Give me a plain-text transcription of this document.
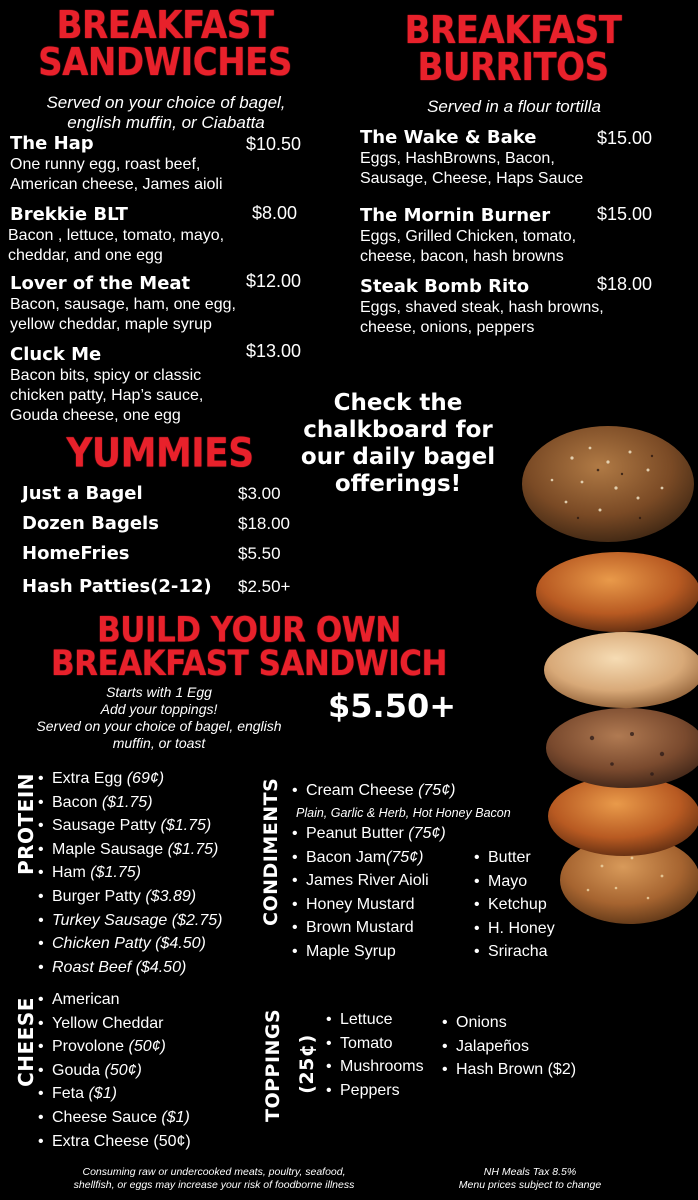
BREAKFAST
SANDWICHES
Served on your choice of bagel,
english muffin, or Ciabatta
The Hap	$10.50
One runny egg, roast beef,
American cheese, James aioli
Brekkie BLT	$8.00
Bacon , lettuce, tomato, mayo,
cheddar, and one egg
Lover of the Meat	$12.00
Bacon, sausage, ham, one egg,
yellow cheddar, maple syrup
Cluck Me	$13.00
Bacon bits, spicy or classic
chicken patty, Hap’s sauce,
Gouda cheese, one egg
BREAKFAST
BURRITOS
Served in a flour tortilla
The Wake & Bake	$15.00
Eggs, HashBrowns, Bacon,
Sausage, Cheese, Haps Sauce
The Mornin Burner	$15.00
Eggs, Grilled Chicken, tomato,
cheese, bacon, hash browns
Steak Bomb Rito	$18.00
Eggs, shaved steak, hash browns,
cheese, onions, peppers
Check the
chalkboard for
our daily bagel
offerings!
YUMMIES
Just a Bagel	$3.00
Dozen Bagels	$18.00
HomeFries	$5.50
Hash Patties(2-12) $2.50+
BUILD YOUR OWN
BREAKFAST SANDWICH
Starts with 1 Egg
Add your toppings!
Served on your choice of bagel, english
muffin, or toast
$5.50+
PROTEIN • Extra Egg (69¢)
• Bacon ($1.75)
• Sausage Patty ($1.75)
• Maple Sausage ($1.75)
• Ham ($1.75)
• Burger Patty ($3.89)
• Turkey Sausage ($2.75)
• Chicken Patty ($4.50)
• Roast Beef ($4.50)
CONDIMENTS	• Cream Cheese (75¢)
Plain, Garlic & Herb, Hot Honey Bacon
• Peanut Butter (75¢)
• Bacon Jam(75¢)
• James River Aioli
• Honey Mustard
• Brown Mustard
• Maple Syrup
• Butter
• Mayo
• Ketchup
• H. Honey
• Sriracha
CHEESE • American
• Yellow Cheddar
• Provolone (50¢)
• Gouda (50¢)
• Feta ($1)
• Cheese Sauce ($1)
• Extra Cheese (50¢)
TOPPINGS (25¢)
• Lettuce
• Tomato
• Mushrooms
• Peppers
• Onions
• Jalapeños
• Hash Brown ($2)
Consuming raw or undercooked meats, poultry, seafood,
shellfish, or eggs may increase your risk of foodborne illness
NH Meals Tax 8.5%
Menu prices subject to change
